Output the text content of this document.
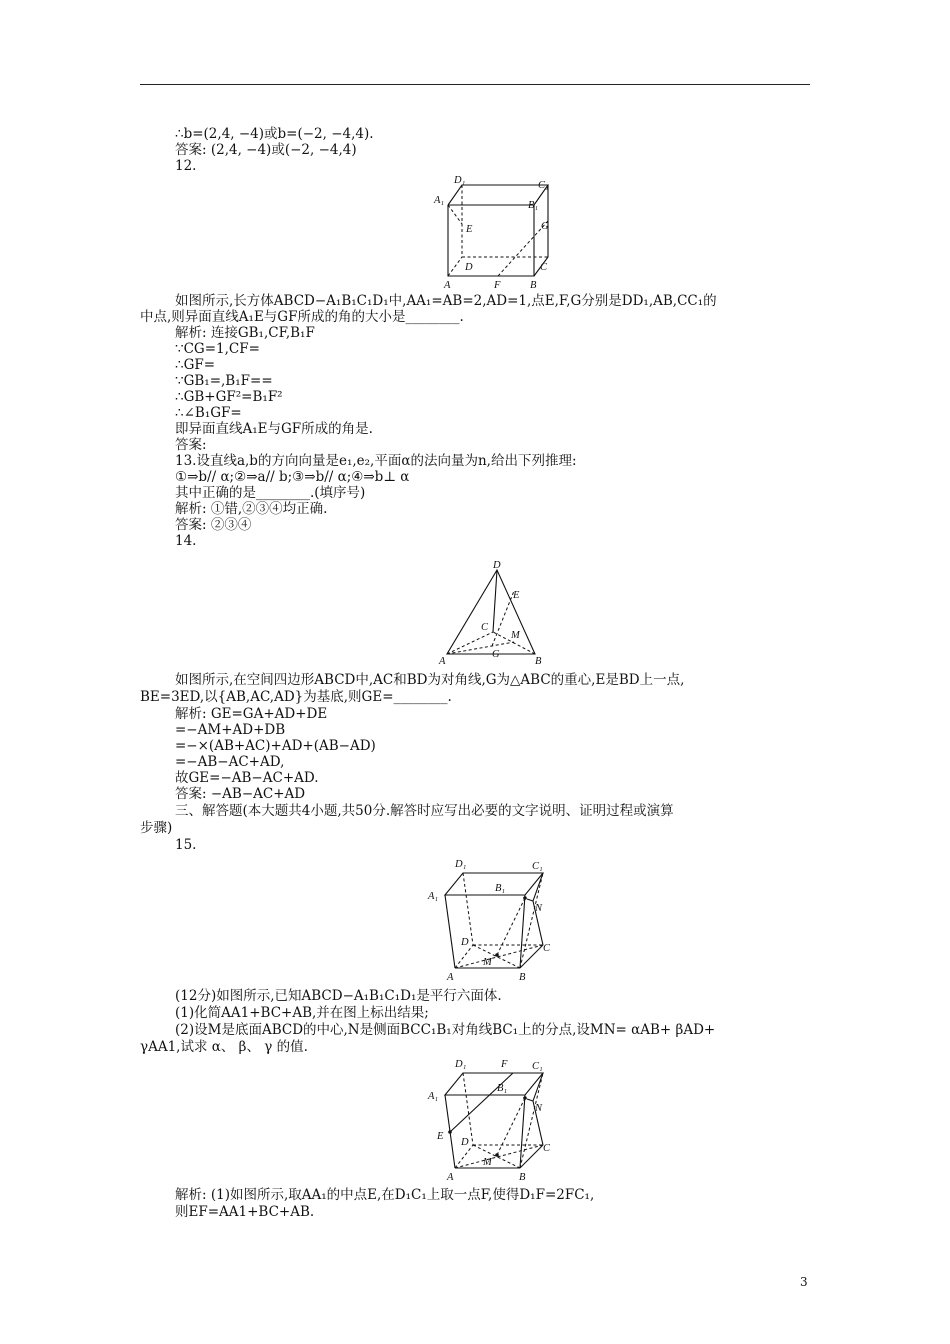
∴b=(2,4, −4)或b=(−2, −4,4).
答案: (2,4, −4)或(−2, −4,4)
12.
D₁	C₁
A₁	B₁
E	G
D	C
A	F	B
如图所示,长方体ABCD−A₁B₁C₁D₁中,AA₁=AB=2,AD=1,点E,F,G分别是DD₁,AB,CC₁的
中点,则异面直线A₁E与GF所成的角的大小是________.
解析: 连接GB₁,CF,B₁F
∵CG=1,CF=
∴GF=
∵GB₁=,B₁F==
∴GB+GF²=B₁F²
∴∠B₁GF=
即异面直线A₁E与GF所成的角是.
答案:
13.设直线a,b的方向向量是e₁,e₂,平面α的法向量为n,给出下列推理:
①⇒b// α;②⇒a// b;③⇒b// α;④⇒b⊥ α
其中正确的是________.(填序号)
解析: ①错,②③④均正确.
答案: ②③④
14.
D
E
C
M
G
A	B
如图所示,在空间四边形ABCD中,AC和BD为对角线,G为△ABC的重心,E是BD上一点,
BE=3ED,以{AB,AC,AD}为基底,则GE=________.
解析: GE=GA+AD+DE
=−AM+AD+DB
=−×(AB+AC)+AD+(AB−AD)
=−AB−AC+AD,
故GE=−AB−AC+AD.
答案: −AB−AC+AD
三、解答题(本大题共4小题,共50分.解答时应写出必要的文字说明、证明过程或演算
步骤)
15.
D₁	C₁
A₁
B₁
N
D
C
M
A	B
(12分)如图所示,已知ABCD−A₁B₁C₁D₁是平行六面体.
(1)化简AA1+BC+AB,并在图上标出结果;
(2)设M是底面ABCD的中心,N是侧面BCC₁B₁对角线BC₁上的分点,设MN= αAB+ βAD+
γAA1,试求 α、 β、 γ 的值.
D₁	F C₁
A₁
B₁
N
E
D
C
M
A	B
解析: (1)如图所示,取AA₁的中点E,在D₁C₁上取一点F,使得D₁F=2FC₁,
则EF=AA1+BC+AB.
3
